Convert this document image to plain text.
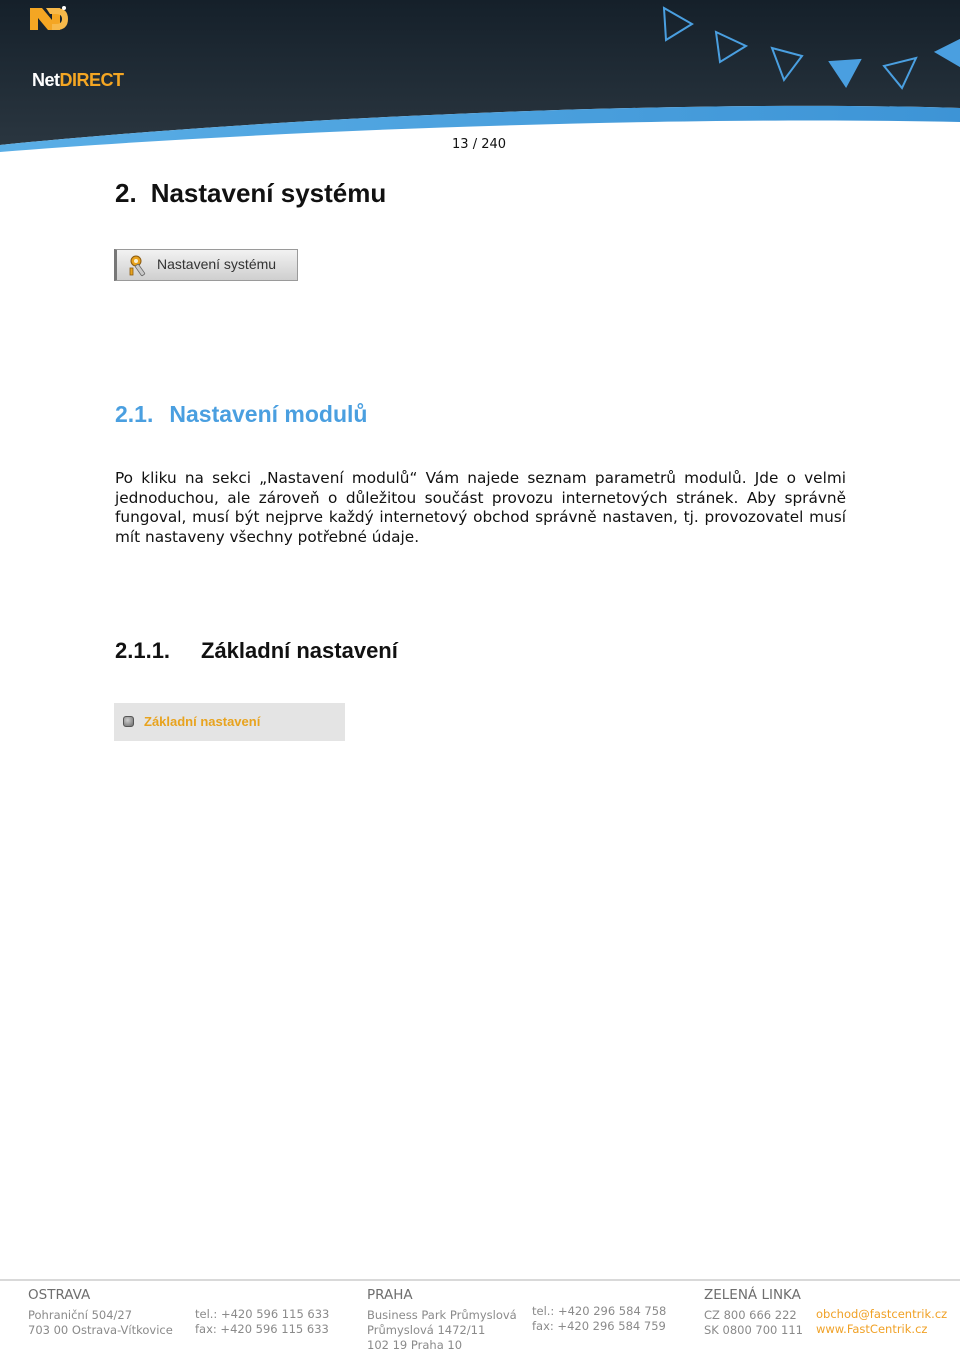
NetDIRECT
13 / 240
2. Nastavení systému
Nastavení systému
2.1. Nastavení modulů

Po kliku na sekci „Nastavení modulů“ Vám najede seznam parametrů modulů. Jde o velmi jednoduchou, ale zároveň o důležitou součást provozu internetových stránek. Aby správně fungoval, musí být nejprve každý internetový obchod správně nastaven, tj. provozovatel musí mít nastaveny všechny potřebné údaje.

2.1.1. Základní nastavení
Základní nastavení
OSTRAVA
Pohraniční 504/27
703 00 Ostrava-Vítkovice
tel.: +420 596 115 633
fax: +420 596 115 633
PRAHA
Business Park Průmyslová
Průmyslová 1472/11
102 19 Praha 10
tel.: +420 296 584 758
fax: +420 296 584 759
ZELENÁ LINKA
CZ 800 666 222
SK 0800 700 111
obchod@fastcentrik.cz
www.FastCentrik.cz
